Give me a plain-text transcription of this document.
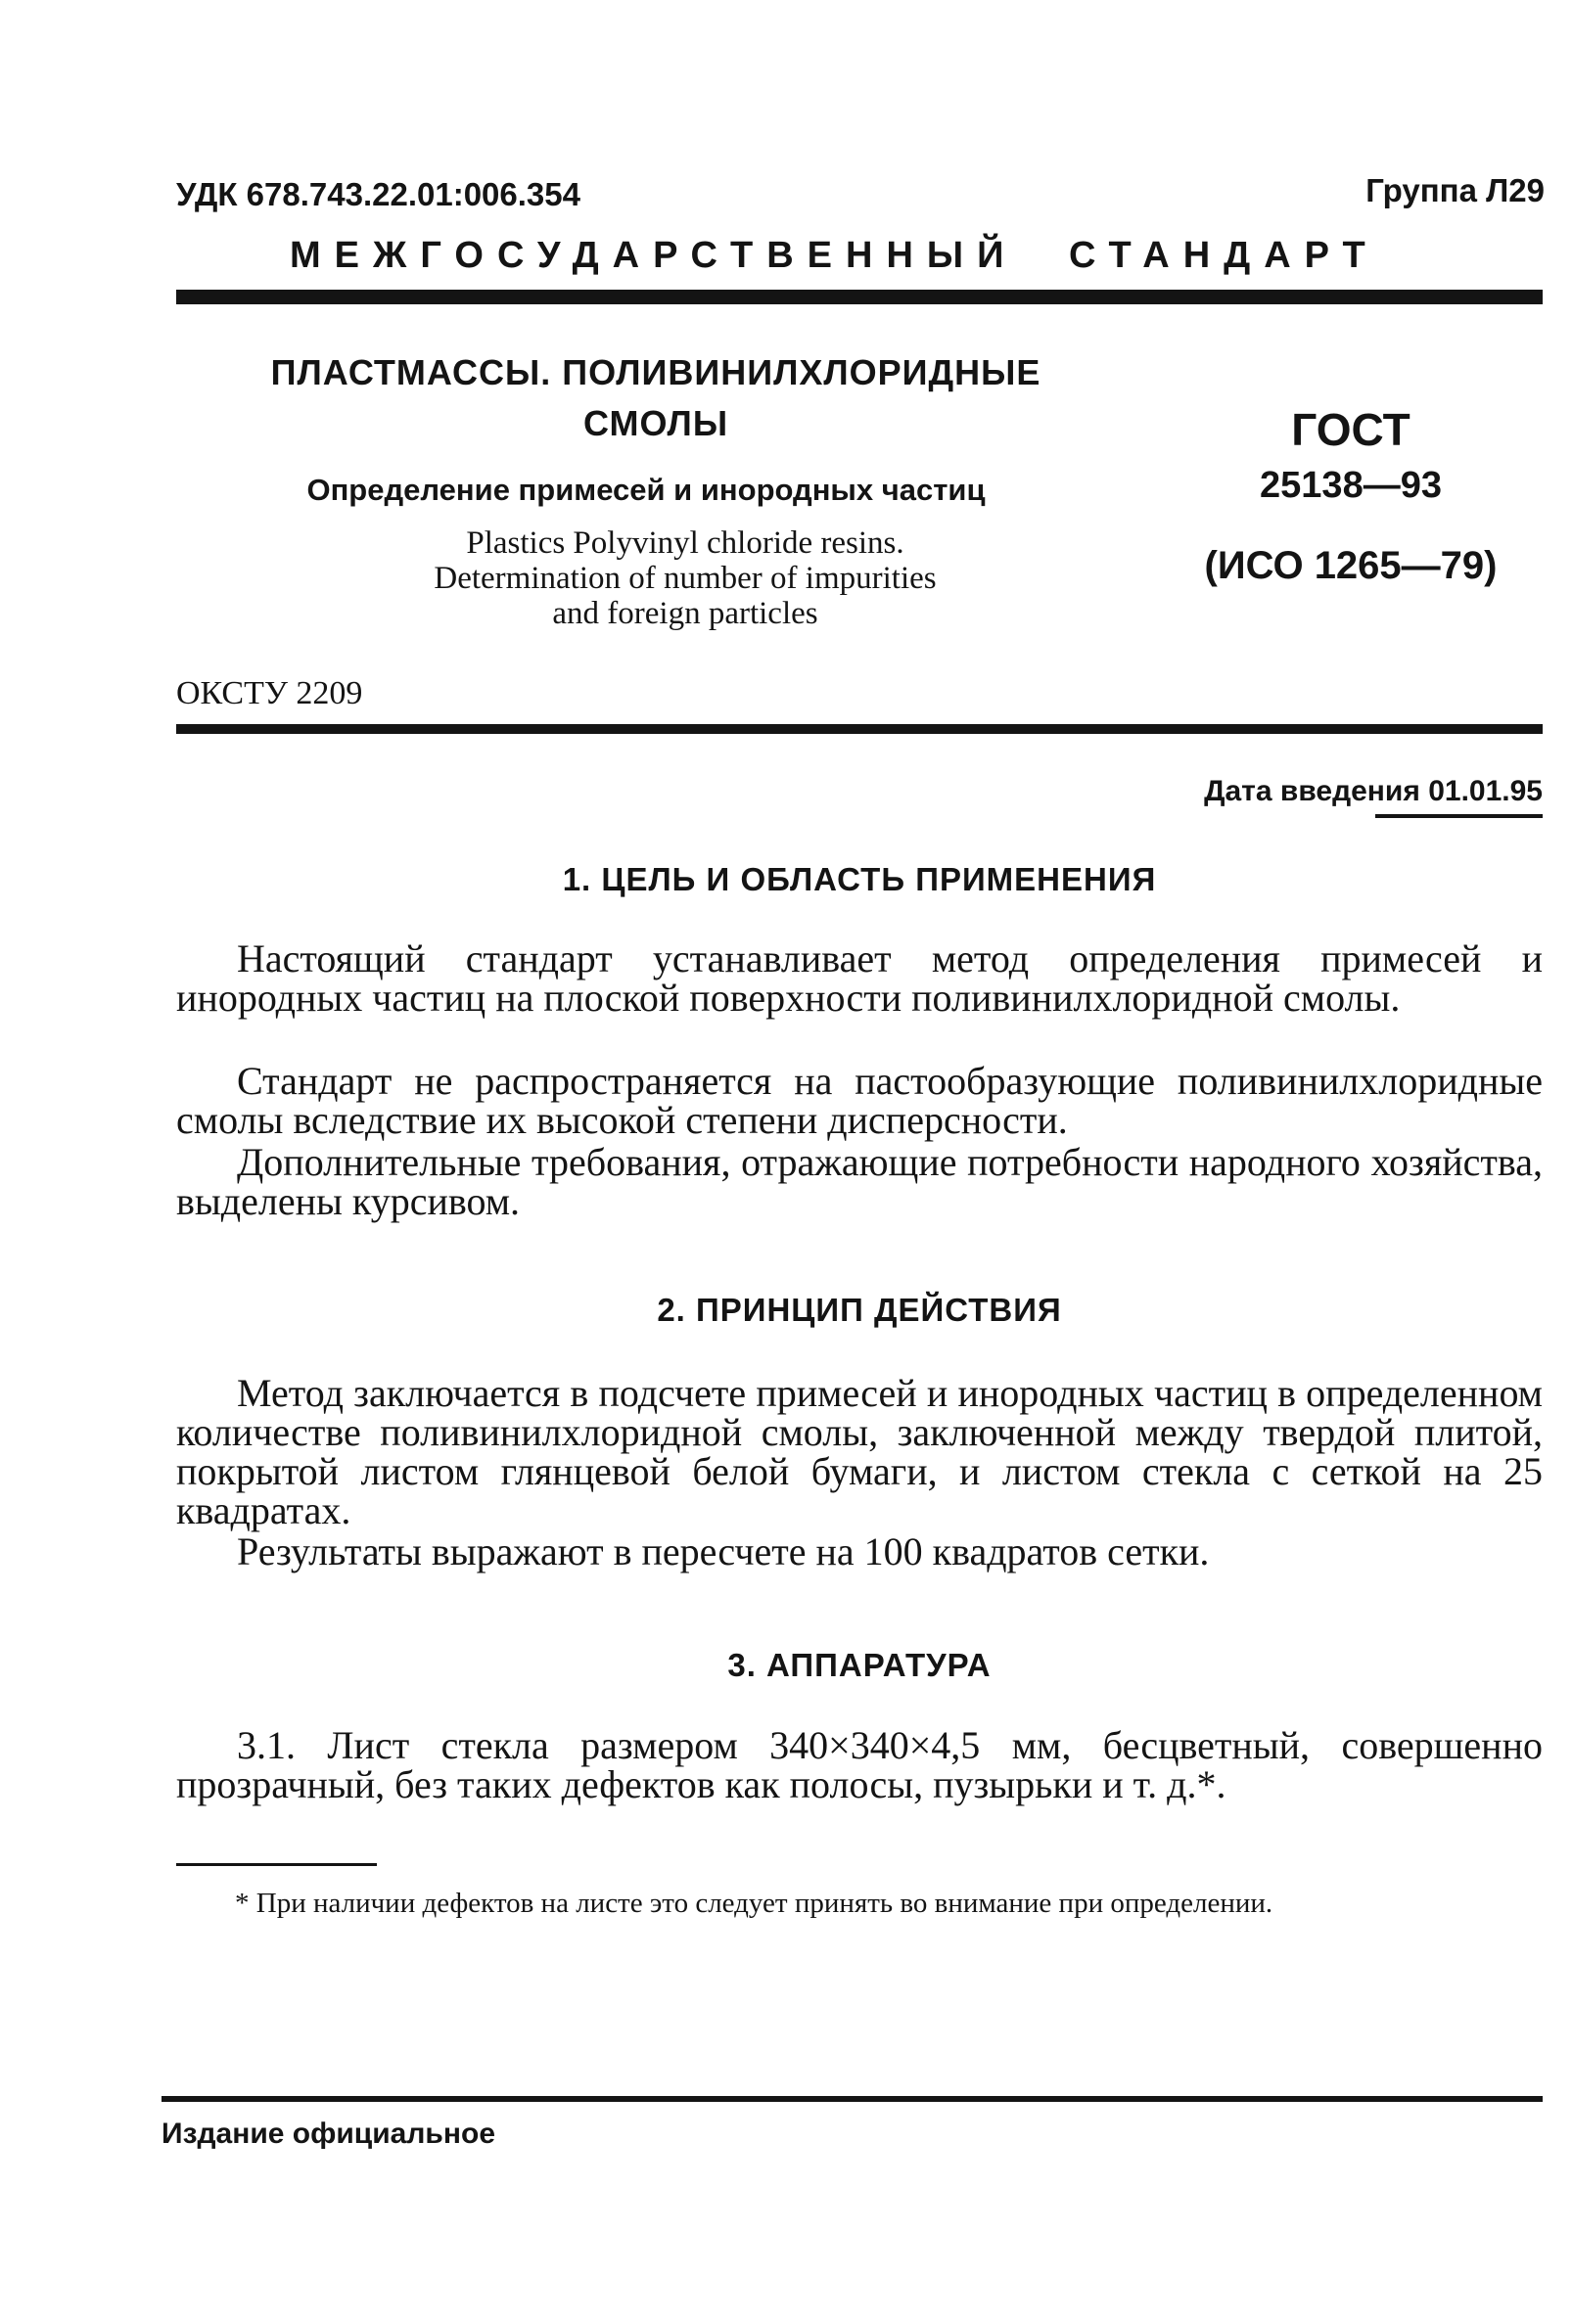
УДК 678.743.22.01:006.354	Группа Л29
МЕЖГОСУДАРСТВЕННЫЙ СТАНДАРТ
ПЛАСТМАССЫ. ПОЛИВИНИЛХЛОРИДНЫЕ
СМОЛЫ
Определение примесей и инородных частиц
Plastics Polyvinyl chloride resins.
Determination of number of impurities
and foreign particles
ГОСТ
25138—93
(ИСО 1265—79)
ОКСТУ 2209
Дата введения 01.01.95
1. ЦЕЛЬ И ОБЛАСТЬ ПРИМЕНЕНИЯ
Настоящий стандарт устанавливает метод определения примесей и инородных частиц на плоской поверхности поливинилхлоридной смолы.
Стандарт не распространяется на пастообразующие поливинилхлоридные смолы вследствие их высокой степени дисперсности.
Дополнительные требования, отражающие потребности народного хозяйства, выделены курсивом.
2. ПРИНЦИП ДЕЙСТВИЯ
Метод заключается в подсчете примесей и инородных частиц в определенном количестве поливинилхлоридной смолы, заключенной между твердой плитой, покрытой листом глянцевой белой бумаги, и листом стекла с сеткой на 25 квадратах.
Результаты выражают в пересчете на 100 квадратов сетки.
3. АППАРАТУРА
3.1. Лист стекла размером 340×340×4,5 мм, бесцветный, совершенно прозрачный, без таких дефектов как полосы, пузырьки и т. д.*.
* При наличии дефектов на листе это следует принять во внимание при определении.
Издание официальное
